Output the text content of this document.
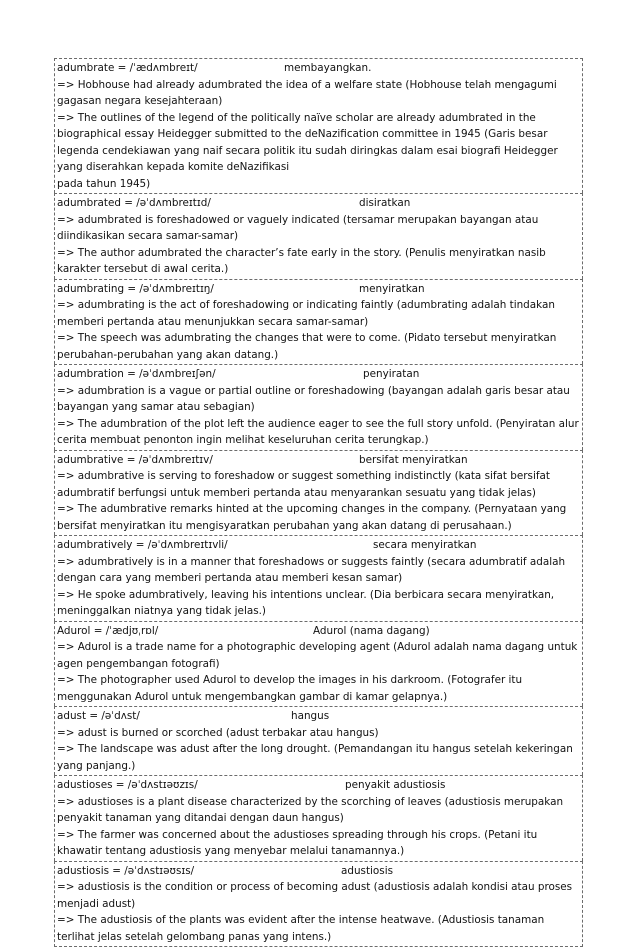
adumbrate = /ˈædʌmbreɪt/	membayangkan.
=> Hobhouse had already adumbrated the idea of a welfare state (Hobhouse telah mengagumi gagasan negara kesejahteraan)
=> The outlines of the legend of the politically naïve scholar are already adumbrated in the biographical essay Heidegger submitted to the deNazification committee in 1945 (Garis besar legenda cendekiawan yang naif secara politik itu sudah diringkas dalam esai biografi Heidegger yang diserahkan kepada komite deNazifikasi
pada tahun 1945)
adumbrated = /əˈdʌmbreɪtɪd/	disiratkan
=> adumbrated is foreshadowed or vaguely indicated (tersamar merupakan bayangan atau diindikasikan secara samar-samar)
=> The author adumbrated the character’s fate early in the story. (Penulis menyiratkan nasib karakter tersebut di awal cerita.)
adumbrating = /əˈdʌmbreɪtɪŋ/	menyiratkan
=> adumbrating is the act of foreshadowing or indicating faintly (adumbrating adalah tindakan memberi pertanda atau menunjukkan secara samar-samar)
=> The speech was adumbrating the changes that were to come. (Pidato tersebut menyiratkan perubahan-perubahan yang akan datang.)
adumbration = /əˈdʌmbreɪʃən/	penyiratan
=> adumbration is a vague or partial outline or foreshadowing (bayangan adalah garis besar atau bayangan yang samar atau sebagian)
=> The adumbration of the plot left the audience eager to see the full story unfold. (Penyiratan alur cerita membuat penonton ingin melihat keseluruhan cerita terungkap.)
adumbrative = /əˈdʌmbreɪtɪv/	bersifat menyiratkan
=> adumbrative is serving to foreshadow or suggest something indistinctly (kata sifat bersifat adumbratif berfungsi untuk memberi pertanda atau menyarankan sesuatu yang tidak jelas)
=> The adumbrative remarks hinted at the upcoming changes in the company. (Pernyataan yang bersifat menyiratkan itu mengisyaratkan perubahan yang akan datang di perusahaan.)
adumbratively = /əˈdʌmbreɪtɪvli/	secara menyiratkan
=> adumbratively is in a manner that foreshadows or suggests faintly (secara adumbratif adalah dengan cara yang memberi pertanda atau memberi kesan samar)
=> He spoke adumbratively, leaving his intentions unclear. (Dia berbicara secara menyiratkan, meninggalkan niatnya yang tidak jelas.)
Adurol = /ˈædjʊˌrɒl/	Adurol (nama dagang)
=> Adurol is a trade name for a photographic developing agent (Adurol adalah nama dagang untuk agen pengembangan fotografi)
=> The photographer used Adurol to develop the images in his darkroom. (Fotografer itu menggunakan Adurol untuk mengembangkan gambar di kamar gelapnya.)
adust = /əˈdʌst/	hangus
=> adust is burned or scorched (adust terbakar atau hangus)
=> The landscape was adust after the long drought. (Pemandangan itu hangus setelah kekeringan yang panjang.)
adustioses = /əˈdʌstɪəʊzɪs/	penyakit adustiosis
=> adustioses is a plant disease characterized by the scorching of leaves (adustiosis merupakan penyakit tanaman yang ditandai dengan daun hangus)
=> The farmer was concerned about the adustioses spreading through his crops. (Petani itu khawatir tentang adustiosis yang menyebar melalui tanamannya.)
adustiosis = /əˈdʌstɪəʊsɪs/	adustiosis
=> adustiosis is the condition or process of becoming adust (adustiosis adalah kondisi atau proses menjadi adust)
=> The adustiosis of the plants was evident after the intense heatwave. (Adustiosis tanaman terlihat jelas setelah gelombang panas yang intens.)
